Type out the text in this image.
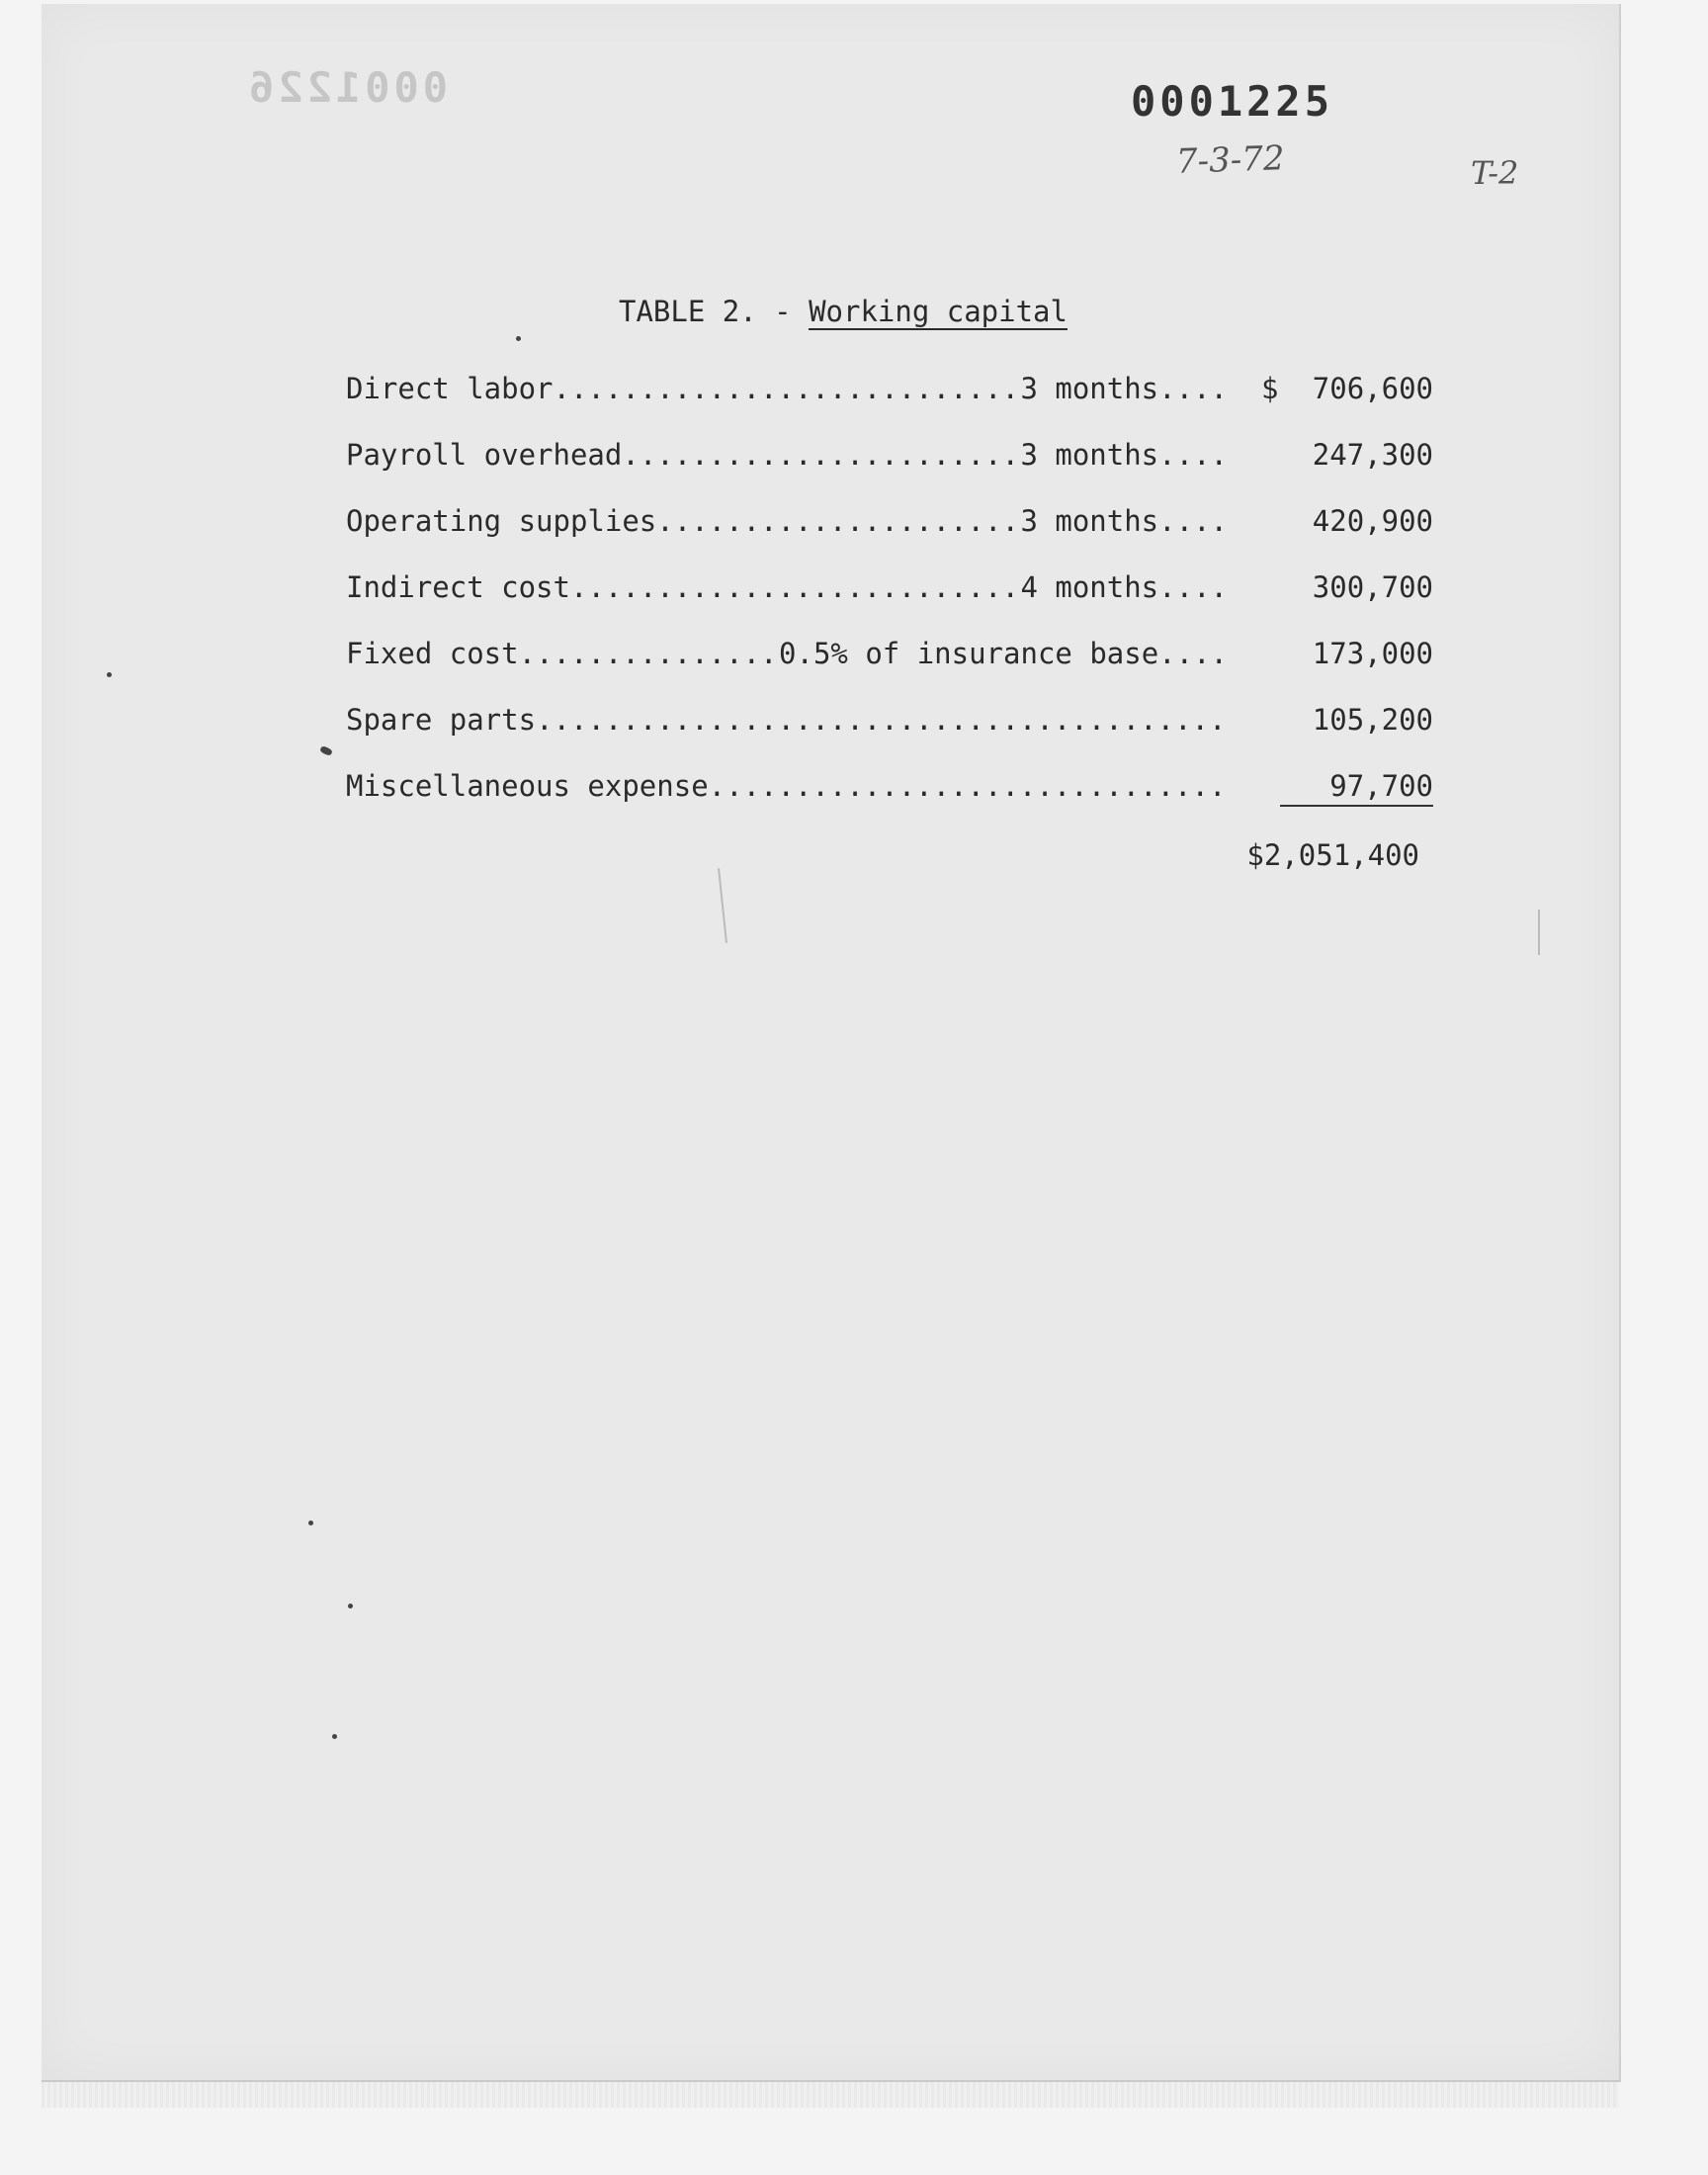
0001226	0001225
7-3-72	T-2
TABLE 2. - Working capital
Direct labor .....	3 months ....	$ 706,600
Payroll overhead .....	3 months ....	247,300
Operating supplies .....	3 months ....	420,900
Indirect cost .....	4 months ....	300,700
Fixed cost .....	0.5% of insurance base ....	173,000
Spare parts .....	105,200
Miscellaneous expense .....	97,700
$2,051,400
